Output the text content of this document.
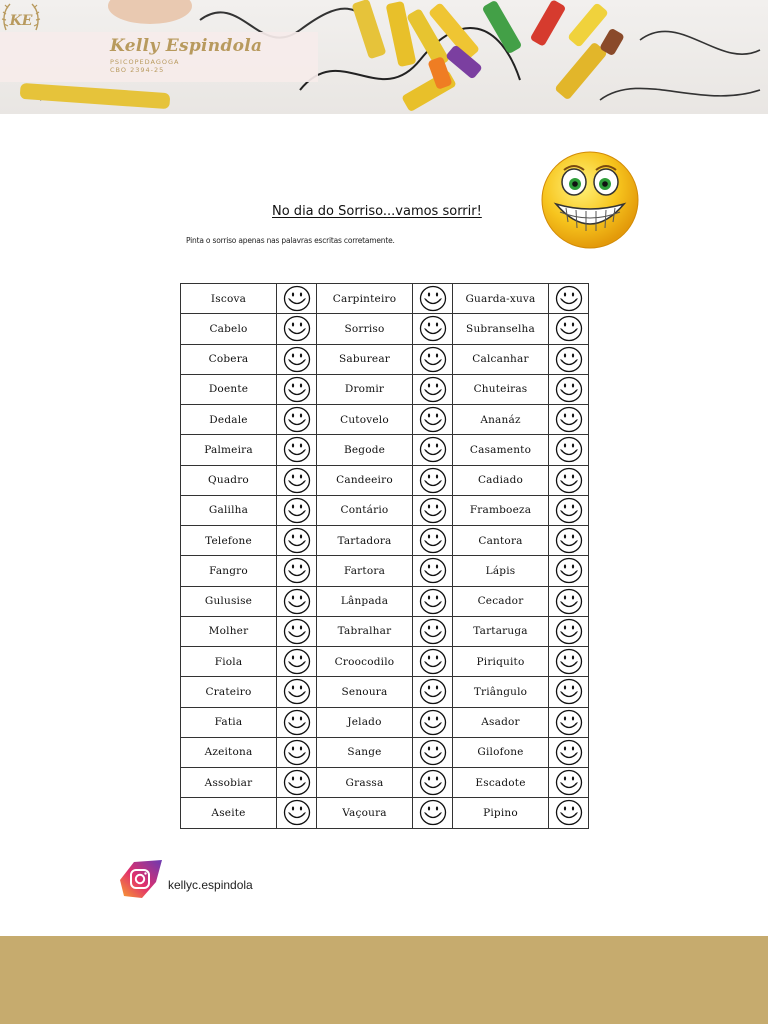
KE
Kelly Espindola
PSICOPEDAGOGA
CBO 2394-25
No dia do Sorriso...vamos sorrir!
Pinta o sorriso apenas nas palavras escritas corretamente.
Iscova		Carpinteiro		Guarda-xuva	

Cabelo		Sorriso		Subranselha	

Cobera		Saburear		Calcanhar	

Doente		Dromir		Chuteiras	

Dedale		Cutovelo		Ananáz	

Palmeira		Begode		Casamento	

Quadro		Candeeiro		Cadiado	

Galilha		Contário		Framboeza	

Telefone		Tartadora		Cantora	

Fangro		Fartora		Lápis	

Gulusise		Lânpada		Cecador	

Molher		Tabralhar		Tartaruga	

Fiola		Croocodilo		Piriquito	

Crateiro		Senoura		Triângulo	

Fatia		Jelado		Asador	

Azeitona		Sange		Gilofone	

Assobiar		Grassa		Escadote	

Aseite		Vaçoura		Pipino	
kellyc.espindola
